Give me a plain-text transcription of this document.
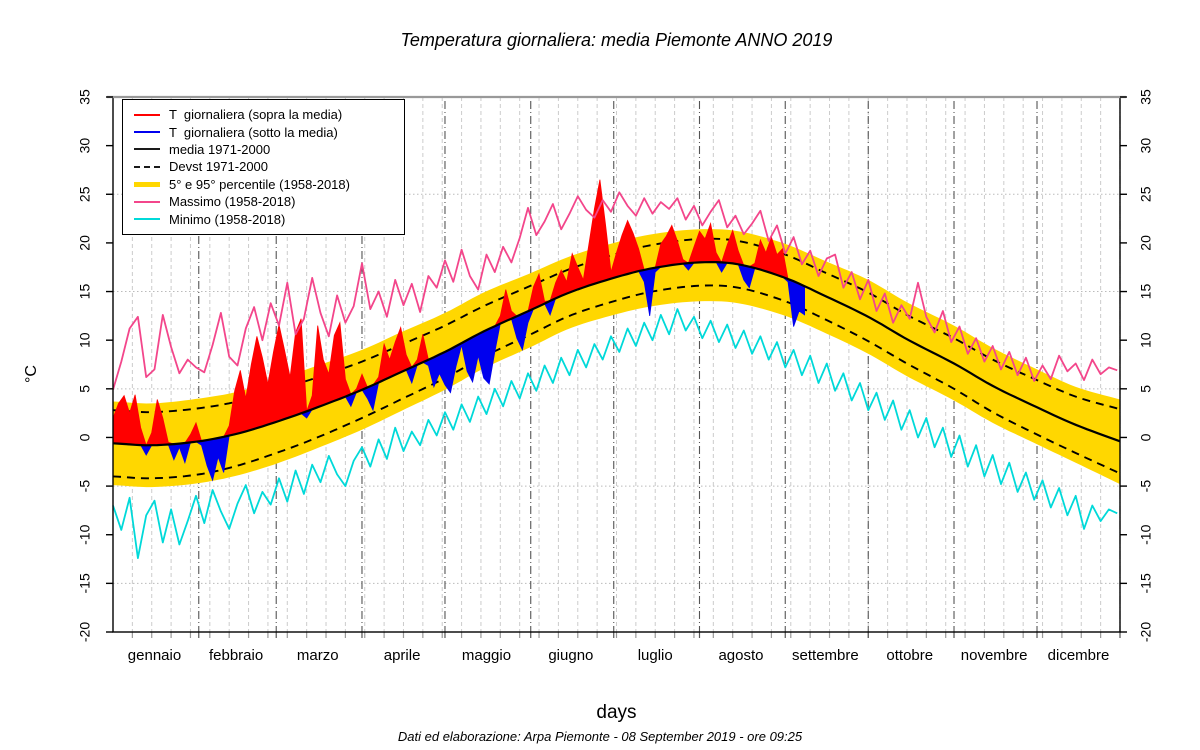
Temperatura giornaliera: media Piemonte ANNO 2019
°C
-20	-20
-15	-15
-10	-10
-5	-5
0	0
5	5
10	10
15	15
20	20
25	25
30	30
35	35
gennaio febbraio marzo	aprile	maggio giugno	luglio	agosto settembre ottobre novembre dicembre
T  giornaliera (sopra la media)
T  giornaliera (sotto la media)
media 1971-2000
Devst 1971-2000
5° e 95° percentile (1958-2018)
Massimo (1958-2018)
Minimo (1958-2018)
days
Dati ed elaborazione: Arpa Piemonte - 08 September 2019 - ore 09:25
